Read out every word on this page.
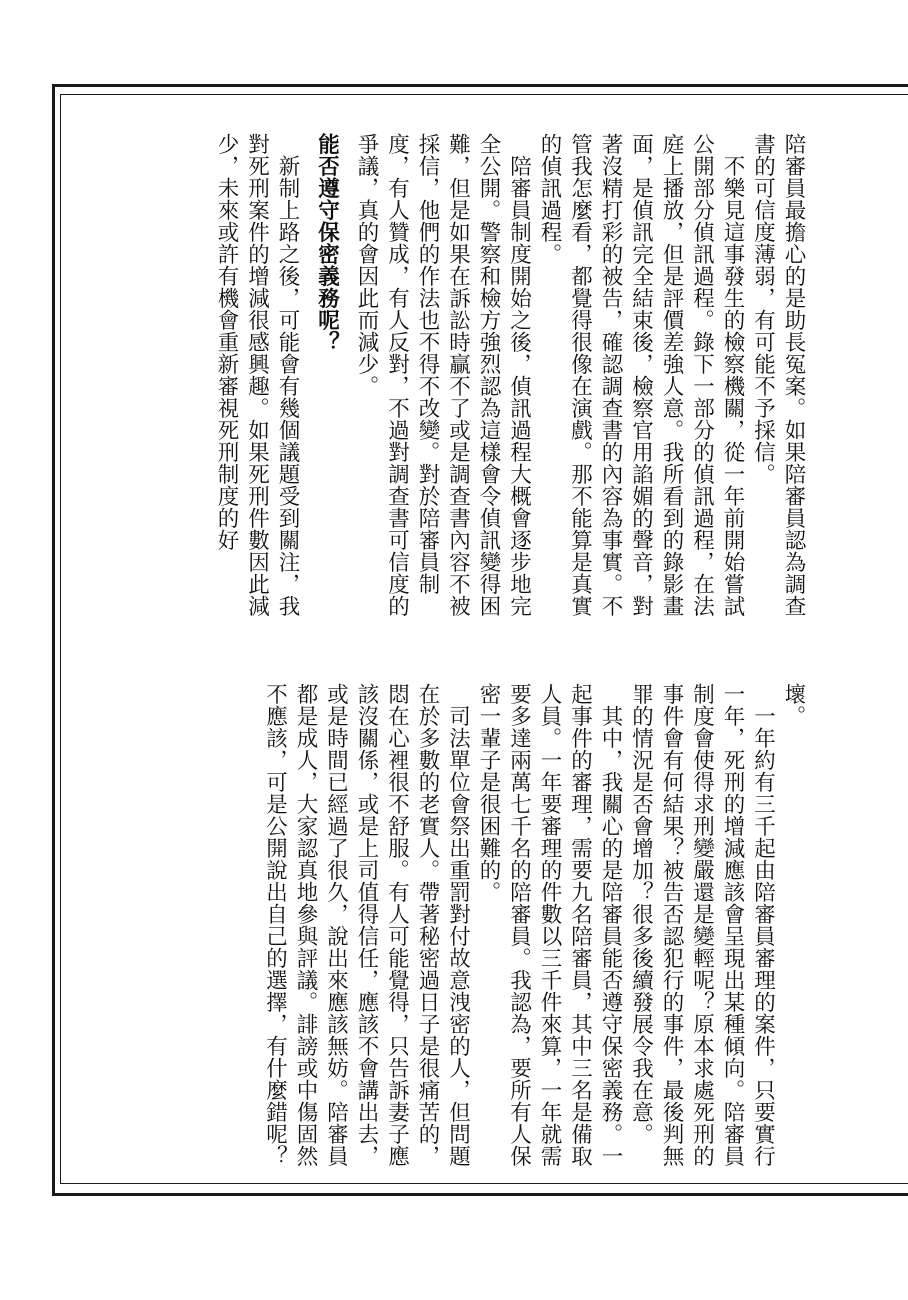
陪審員最擔心的是助長冤案。如果陪審員認為調查書的可信度薄弱，有可能不予採信。

不樂見這事發生的檢察機關，從一年前開始嘗試公開部分偵訊過程。錄下一部分的偵訊過程，在法庭上播放，但是評價差強人意。我所看到的錄影畫面，是偵訊完全結束後，檢察官用諂媚的聲音，對著沒精打彩的被告，確認調查書的內容為事實。不管我怎麼看，都覺得很像在演戲。那不能算是真實的偵訊過程。

陪審員制度開始之後，偵訊過程大概會逐步地完全公開。警察和檢方強烈認為這樣會令偵訊變得困難，但是如果在訴訟時贏不了或是調查書內容不被採信，他們的作法也不得不改變。對於陪審員制度，有人贊成，有人反對，不過對調查書可信度的爭議，真的會因此而減少。

能否遵守保密義務呢？

新制上路之後，可能會有幾個議題受到關注，我對死刑案件的增減很感興趣。如果死刑件數因此減少，未來或許有機會重新審視死刑制度的好

壞。

一年約有三千起由陪審員審理的案件，只要實行一年，死刑的增減應該會呈現出某種傾向。陪審員制度會使得求刑變嚴還是變輕呢？原本求處死刑的事件會有何結果？被告否認犯行的事件，最後判無罪的情況是否會增加？很多後續發展令我在意。

其中，我關心的是陪審員能否遵守保密義務。一起事件的審理，需要九名陪審員，其中三名是備取人員。一年要審理的件數以三千件來算，一年就需要多達兩萬七千名的陪審員。我認為，要所有人保密一輩子是很困難的。

司法單位會祭出重罰對付故意洩密的人，但問題在於多數的老實人。帶著秘密過日子是很痛苦的，悶在心裡很不舒服。有人可能覺得，只告訴妻子應該沒關係，或是上司值得信任，應該不會講出去，或是時間已經過了很久，說出來應該無妨。陪審員都是成人，大家認真地參與評議。誹謗或中傷固然不應該，可是公開說出自己的選擇，有什麼錯呢？
